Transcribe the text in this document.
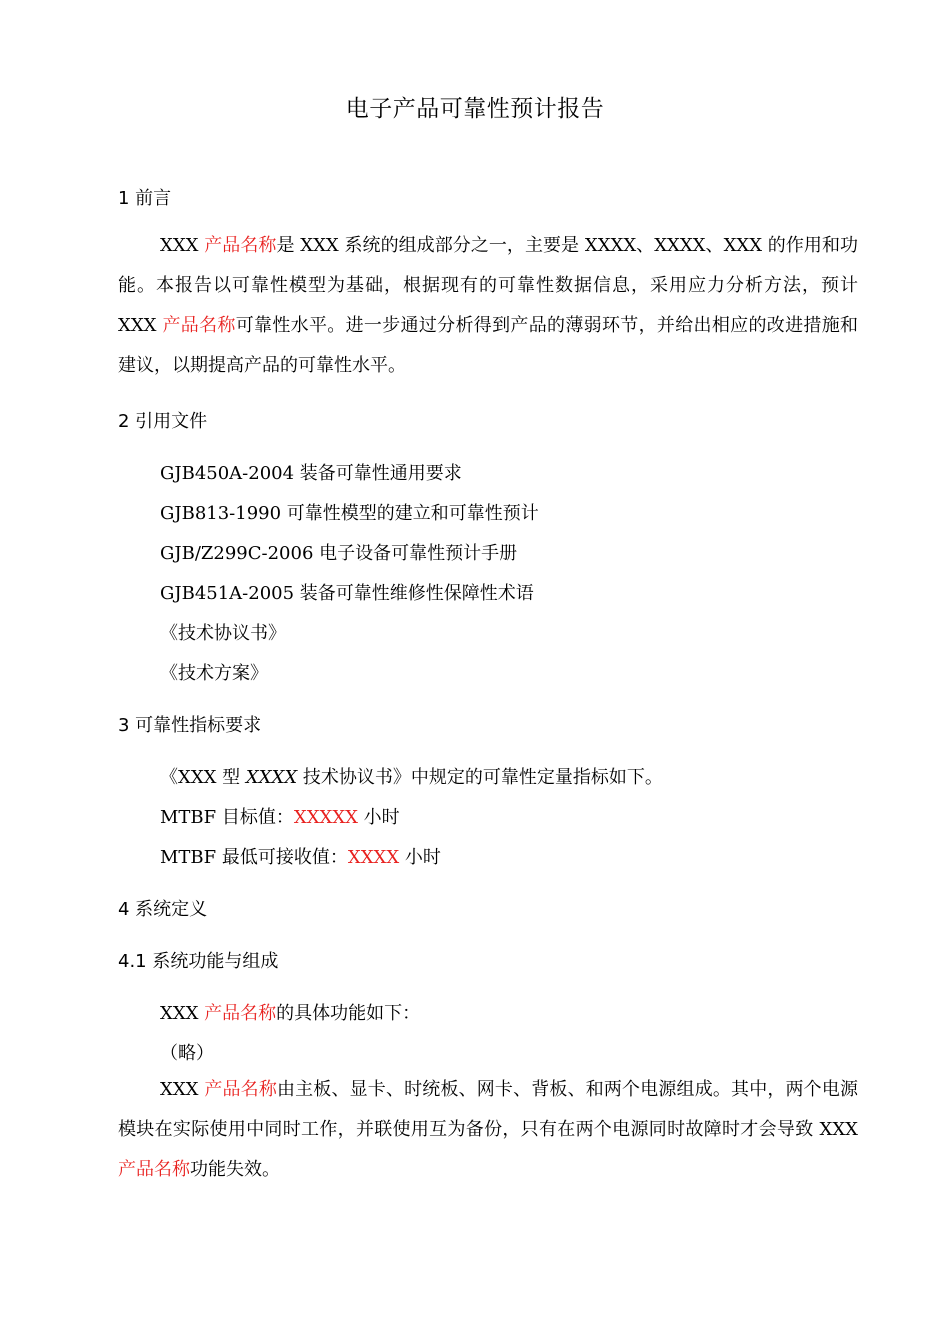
电子产品可靠性预计报告
1 前言
XXX 产品名称是 XXX 系统的组成部分之一，主要是 XXXX、XXXX、XXX 的作用和功能。本报告以可靠性模型为基础，根据现有的可靠性数据信息，采用应力分析方法，预计 XXX 产品名称可靠性水平。进一步通过分析得到产品的薄弱环节，并给出相应的改进措施和建议，以期提高产品的可靠性水平。
2 引用文件
GJB450A-2004 装备可靠性通用要求
GJB813-1990 可靠性模型的建立和可靠性预计
GJB/Z299C-2006 电子设备可靠性预计手册
GJB451A-2005 装备可靠性维修性保障性术语
《技术协议书》
《技术方案》
3 可靠性指标要求
《XXX 型 XXXX 技术协议书》中规定的可靠性定量指标如下。
MTBF 目标值：XXXXX 小时
MTBF 最低可接收值：XXXX 小时
4 系统定义
4.1 系统功能与组成
XXX 产品名称的具体功能如下：
（略）
XXX 产品名称由主板、显卡、时统板、网卡、背板、和两个电源组成。其中，两个电源模块在实际使用中同时工作，并联使用互为备份，只有在两个电源同时故障时才会导致 XXX 产品名称功能失效。
